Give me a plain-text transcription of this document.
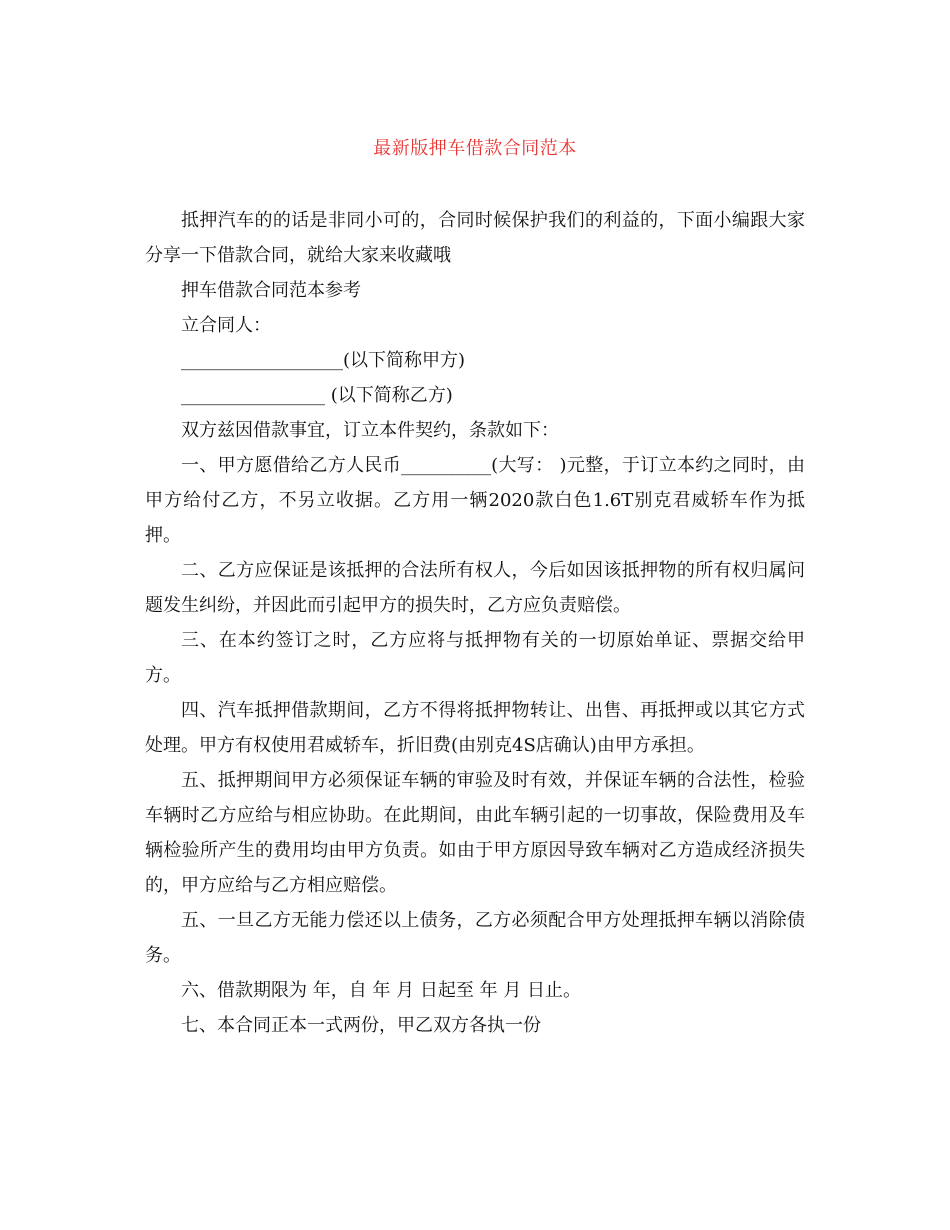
最新版押车借款合同范本

抵押汽车的的话是非同小可的，合同时候保护我们的利益的，下面小编跟大家分享一下借款合同，就给大家来收藏哦

押车借款合同范本参考

立合同人：

__________________(以下简称甲方)

________________ (以下简称乙方)

双方兹因借款事宜，订立本件契约，条款如下：

一、甲方愿借给乙方人民币__________(大写： )元整，于订立本约之同时，由甲方给付乙方，不另立收据。乙方用一辆2020款白色1.6T别克君威轿车作为抵押。

二、乙方应保证是该抵押的合法所有权人，今后如因该抵押物的所有权归属问题发生纠纷，并因此而引起甲方的损失时，乙方应负责赔偿。

三、在本约签订之时，乙方应将与抵押物有关的一切原始单证、票据交给甲方。

四、汽车抵押借款期间，乙方不得将抵押物转让、出售、再抵押或以其它方式处理。甲方有权使用君威轿车，折旧费(由别克4S店确认)由甲方承担。

五、抵押期间甲方必须保证车辆的审验及时有效，并保证车辆的合法性，检验车辆时乙方应给与相应协助。在此期间，由此车辆引起的一切事故，保险费用及车辆检验所产生的费用均由甲方负责。如由于甲方原因导致车辆对乙方造成经济损失的，甲方应给与乙方相应赔偿。

五、一旦乙方无能力偿还以上债务，乙方必须配合甲方处理抵押车辆以消除债务。

六、借款期限为 年，自 年 月 日起至 年 月 日止。

七、本合同正本一式两份，甲乙双方各执一份
